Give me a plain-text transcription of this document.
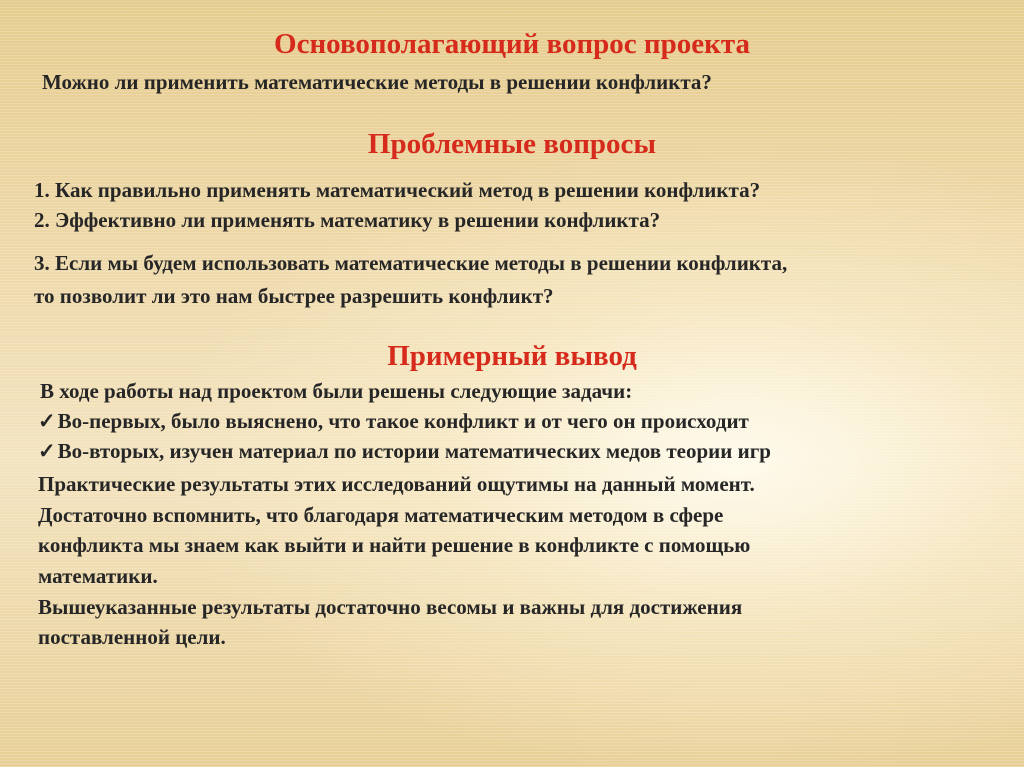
Основополагающий вопрос проекта

Можно ли применить математические методы в решении конфликта?

Проблемные вопросы

1. Как правильно применять математический метод в решении конфликта?

2. Эффективно ли применять математику в решении конфликта?

3. Если мы будем использовать математические методы в решении конфликта,

то позволит ли это нам быстрее разрешить конфликт?

Примерный вывод

В ходе работы над проектом были решены следующие задачи:

✓Во-первых, было выяснено, что такое конфликт и от чего он происходит

✓Во-вторых, изучен материал по истории математических медов теории игр

Практические результаты этих исследований ощутимы на данный момент.

Достаточно вспомнить, что благодаря математическим методом в сфере

конфликта мы знаем как выйти и найти решение в конфликте с помощью

математики.

Вышеуказанные результаты достаточно весомы и важны для достижения

поставленной цели.
